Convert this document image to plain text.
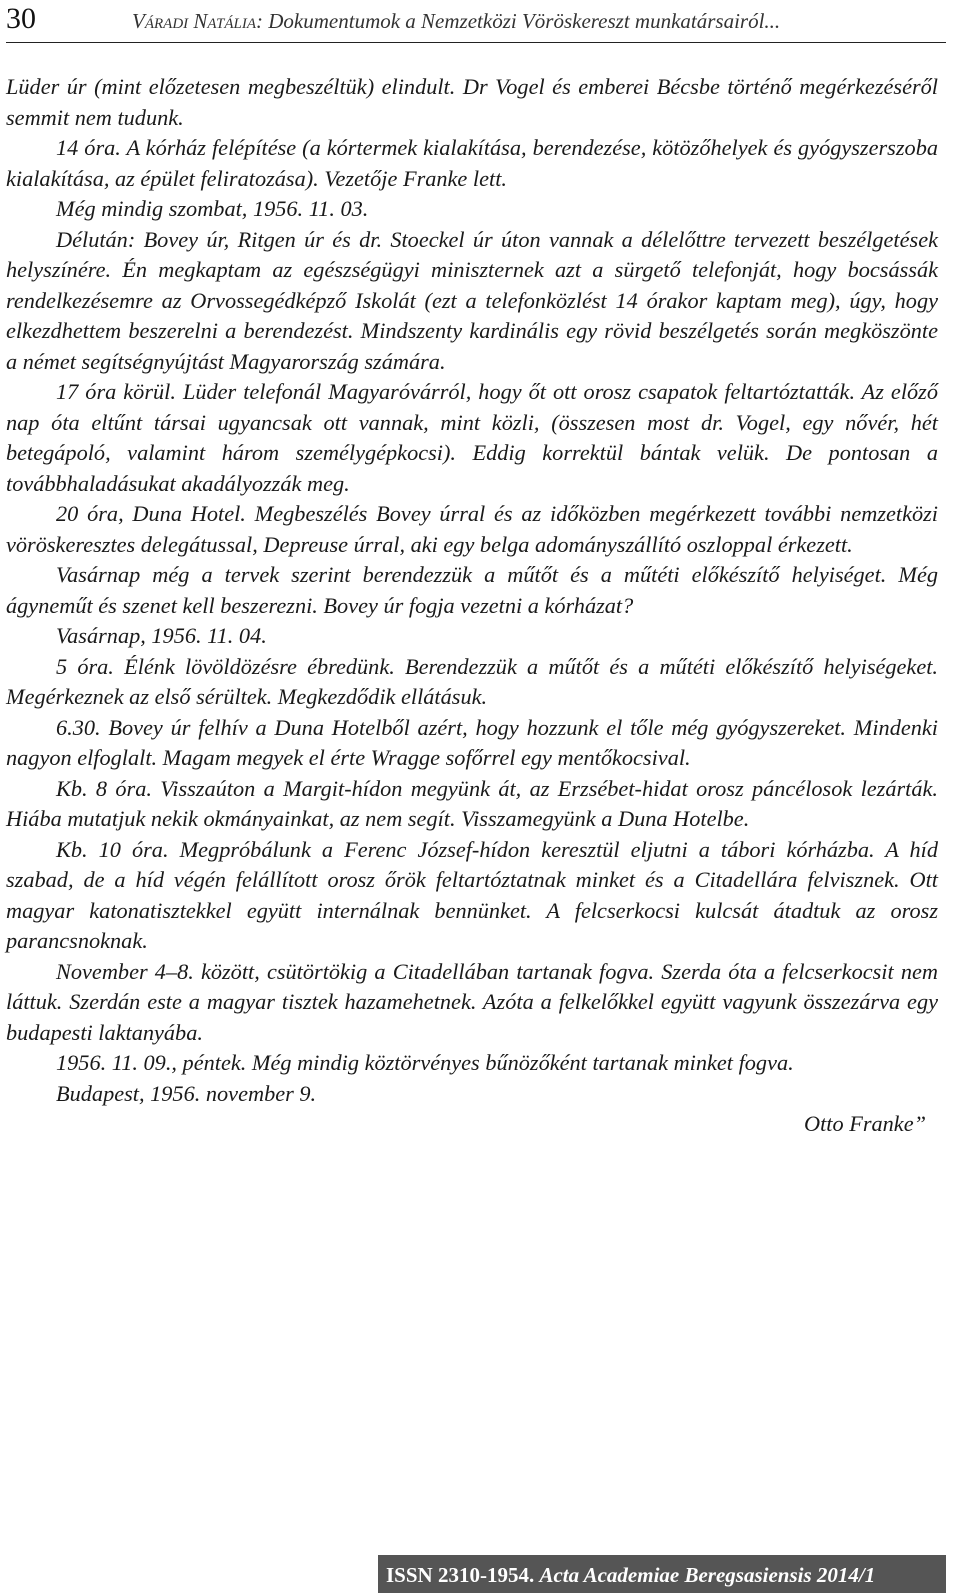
30	Váradi Natália: Dokumentumok a Nemzetközi Vöröskereszt munkatársairól...

Lüder úr (mint előzetesen megbeszéltük) elindult. Dr Vogel és emberei Bécsbe történő megérkezéséről semmit nem tudunk.

14 óra. A kórház felépítése (a kórtermek kialakítása, berendezése, kötözőhelyek és gyógyszerszoba kialakítása, az épület feliratozása). Vezetője Franke lett.

Még mindig szombat, 1956. 11. 03.

Délután: Bovey úr, Ritgen úr és dr. Stoeckel úr úton vannak a délelőttre tervezett beszélgetések helyszínére. Én megkaptam az egészségügyi miniszternek azt a sürgető telefonját, hogy bocsássák rendelkezésemre az Orvossegédképző Iskolát (ezt a telefonközlést 14 órakor kaptam meg), úgy, hogy elkezdhettem beszerelni a berendezést. Mindszenty kardinális egy rövid beszélgetés során megköszönte a német segítségnyújtást Magyarország számára.

17 óra körül. Lüder telefonál Magyaróvárról, hogy őt ott orosz csapatok feltartóztatták. Az előző nap óta eltűnt társai ugyancsak ott vannak, mint közli, (összesen most dr. Vogel, egy nővér, hét betegápoló, valamint három személygépkocsi). Eddig korrektül bántak velük. De pontosan a továbbhaladásukat akadályozzák meg.

20 óra, Duna Hotel. Megbeszélés Bovey úrral és az időközben megérkezett további nemzetközi vöröskeresztes delegátussal, Depreuse úrral, aki egy belga adományszállító oszloppal érkezett.

Vasárnap még a tervek szerint berendezzük a műtőt és a műtéti előkészítő helyiséget. Még ágyneműt és szenet kell beszerezni. Bovey úr fogja vezetni a kórházat?

Vasárnap, 1956. 11. 04.

5 óra. Élénk lövöldözésre ébredünk. Berendezzük a műtőt és a műtéti előkészítő helyiségeket. Megérkeznek az első sérültek. Megkezdődik ellátásuk.

6.30. Bovey úr felhív a Duna Hotelből azért, hogy hozzunk el tőle még gyógyszereket. Mindenki nagyon elfoglalt. Magam megyek el érte Wragge sofőrrel egy mentőkocsival.

Kb. 8 óra. Visszaúton a Margit-hídon megyünk át, az Erzsébet-hidat orosz páncélosok lezárták. Hiába mutatjuk nekik okmányainkat, az nem segít. Visszamegyünk a Duna Hotelbe.

Kb. 10 óra. Megpróbálunk a Ferenc József-hídon keresztül eljutni a tábori kórházba. A híd szabad, de a híd végén felállított orosz őrök feltartóztatnak minket és a Citadellára felvisznek. Ott magyar katonatisztekkel együtt internálnak bennünket. A felcserkocsi kulcsát átadtuk az orosz parancsnoknak.

November 4–8. között, csütörtökig a Citadellában tartanak fogva. Szerda óta a felcserkocsit nem láttuk. Szerdán este a magyar tisztek hazamehetnek. Azóta a felkelőkkel együtt vagyunk összezárva egy budapesti laktanyába.

1956. 11. 09., péntek. Még mindig köztörvényes bűnözőként tartanak minket fogva.

Budapest, 1956. november 9.

Otto Franke”

ISSN 2310-1954. Acta Academiae Beregsasiensis 2014/1
